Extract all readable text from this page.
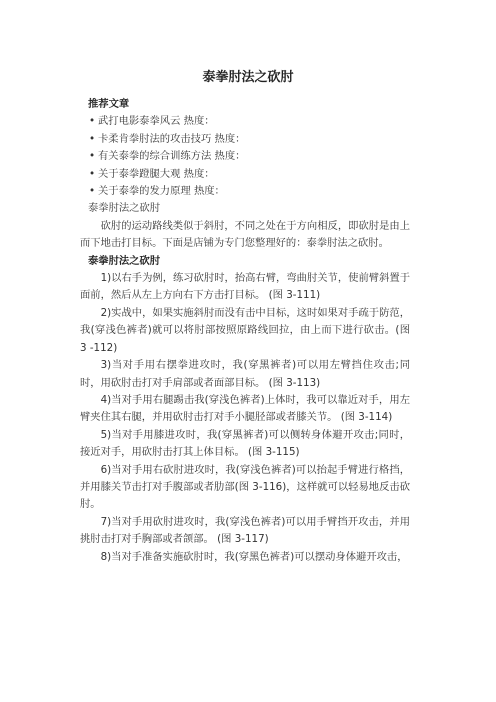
泰拳肘法之砍肘

推荐文章

• 武打电影泰拳风云 热度：
• 卡柔肯拳肘法的攻击技巧 热度：
• 有关泰拳的综合训练方法 热度：
• 关于泰拳蹬腿大观 热度：
• 关于泰拳的发力原理 热度：

泰拳肘法之砍肘

砍肘的运动路线类似于斜肘，不同之处在于方向相反，即砍肘是由上而下地击打目标。下面是店铺为专门您整理好的：泰拳肘法之砍肘。

泰拳肘法之砍肘

1)以右手为例，练习砍肘时，抬高右臂，弯曲肘关节，使前臂斜置于面前，然后从左上方向右下方击打目标。 (图 3-111)

2)实战中，如果实施斜肘而没有击中目标，这时如果对手疏于防范，我(穿浅色裤者)就可以将肘部按照原路线回拉，由上而下进行砍击。(图 3 -112)

3)当对手用右摆拳进攻时，我(穿黑裤者)可以用左臂挡住攻击;同时，用砍肘击打对手肩部或者面部目标。 (图 3-113)

4)当对手用右腿踢击我(穿浅色裤者)上体时，我可以靠近对手，用左臂夹住其右腿，并用砍肘击打对手小腿胫部或者膝关节。 (图 3-114)

5)当对手用膝进攻时，我(穿黑裤者)可以侧转身体避开攻击;同时，接近对手，用砍肘击打其上体目标。 (图 3-115)

6)当对手用右砍肘进攻时，我(穿浅色裤者)可以抬起手臂进行格挡，并用膝关节击打对手腹部或者肋部(图 3-116)，这样就可以轻易地反击砍肘。

7)当对手用砍肘进攻时，我(穿浅色裤者)可以用手臂挡开攻击，并用挑肘击打对手胸部或者颌部。 (图 3-117)

8)当对手准备实施砍肘时，我(穿黑色裤者)可以摆动身体避开攻击，
